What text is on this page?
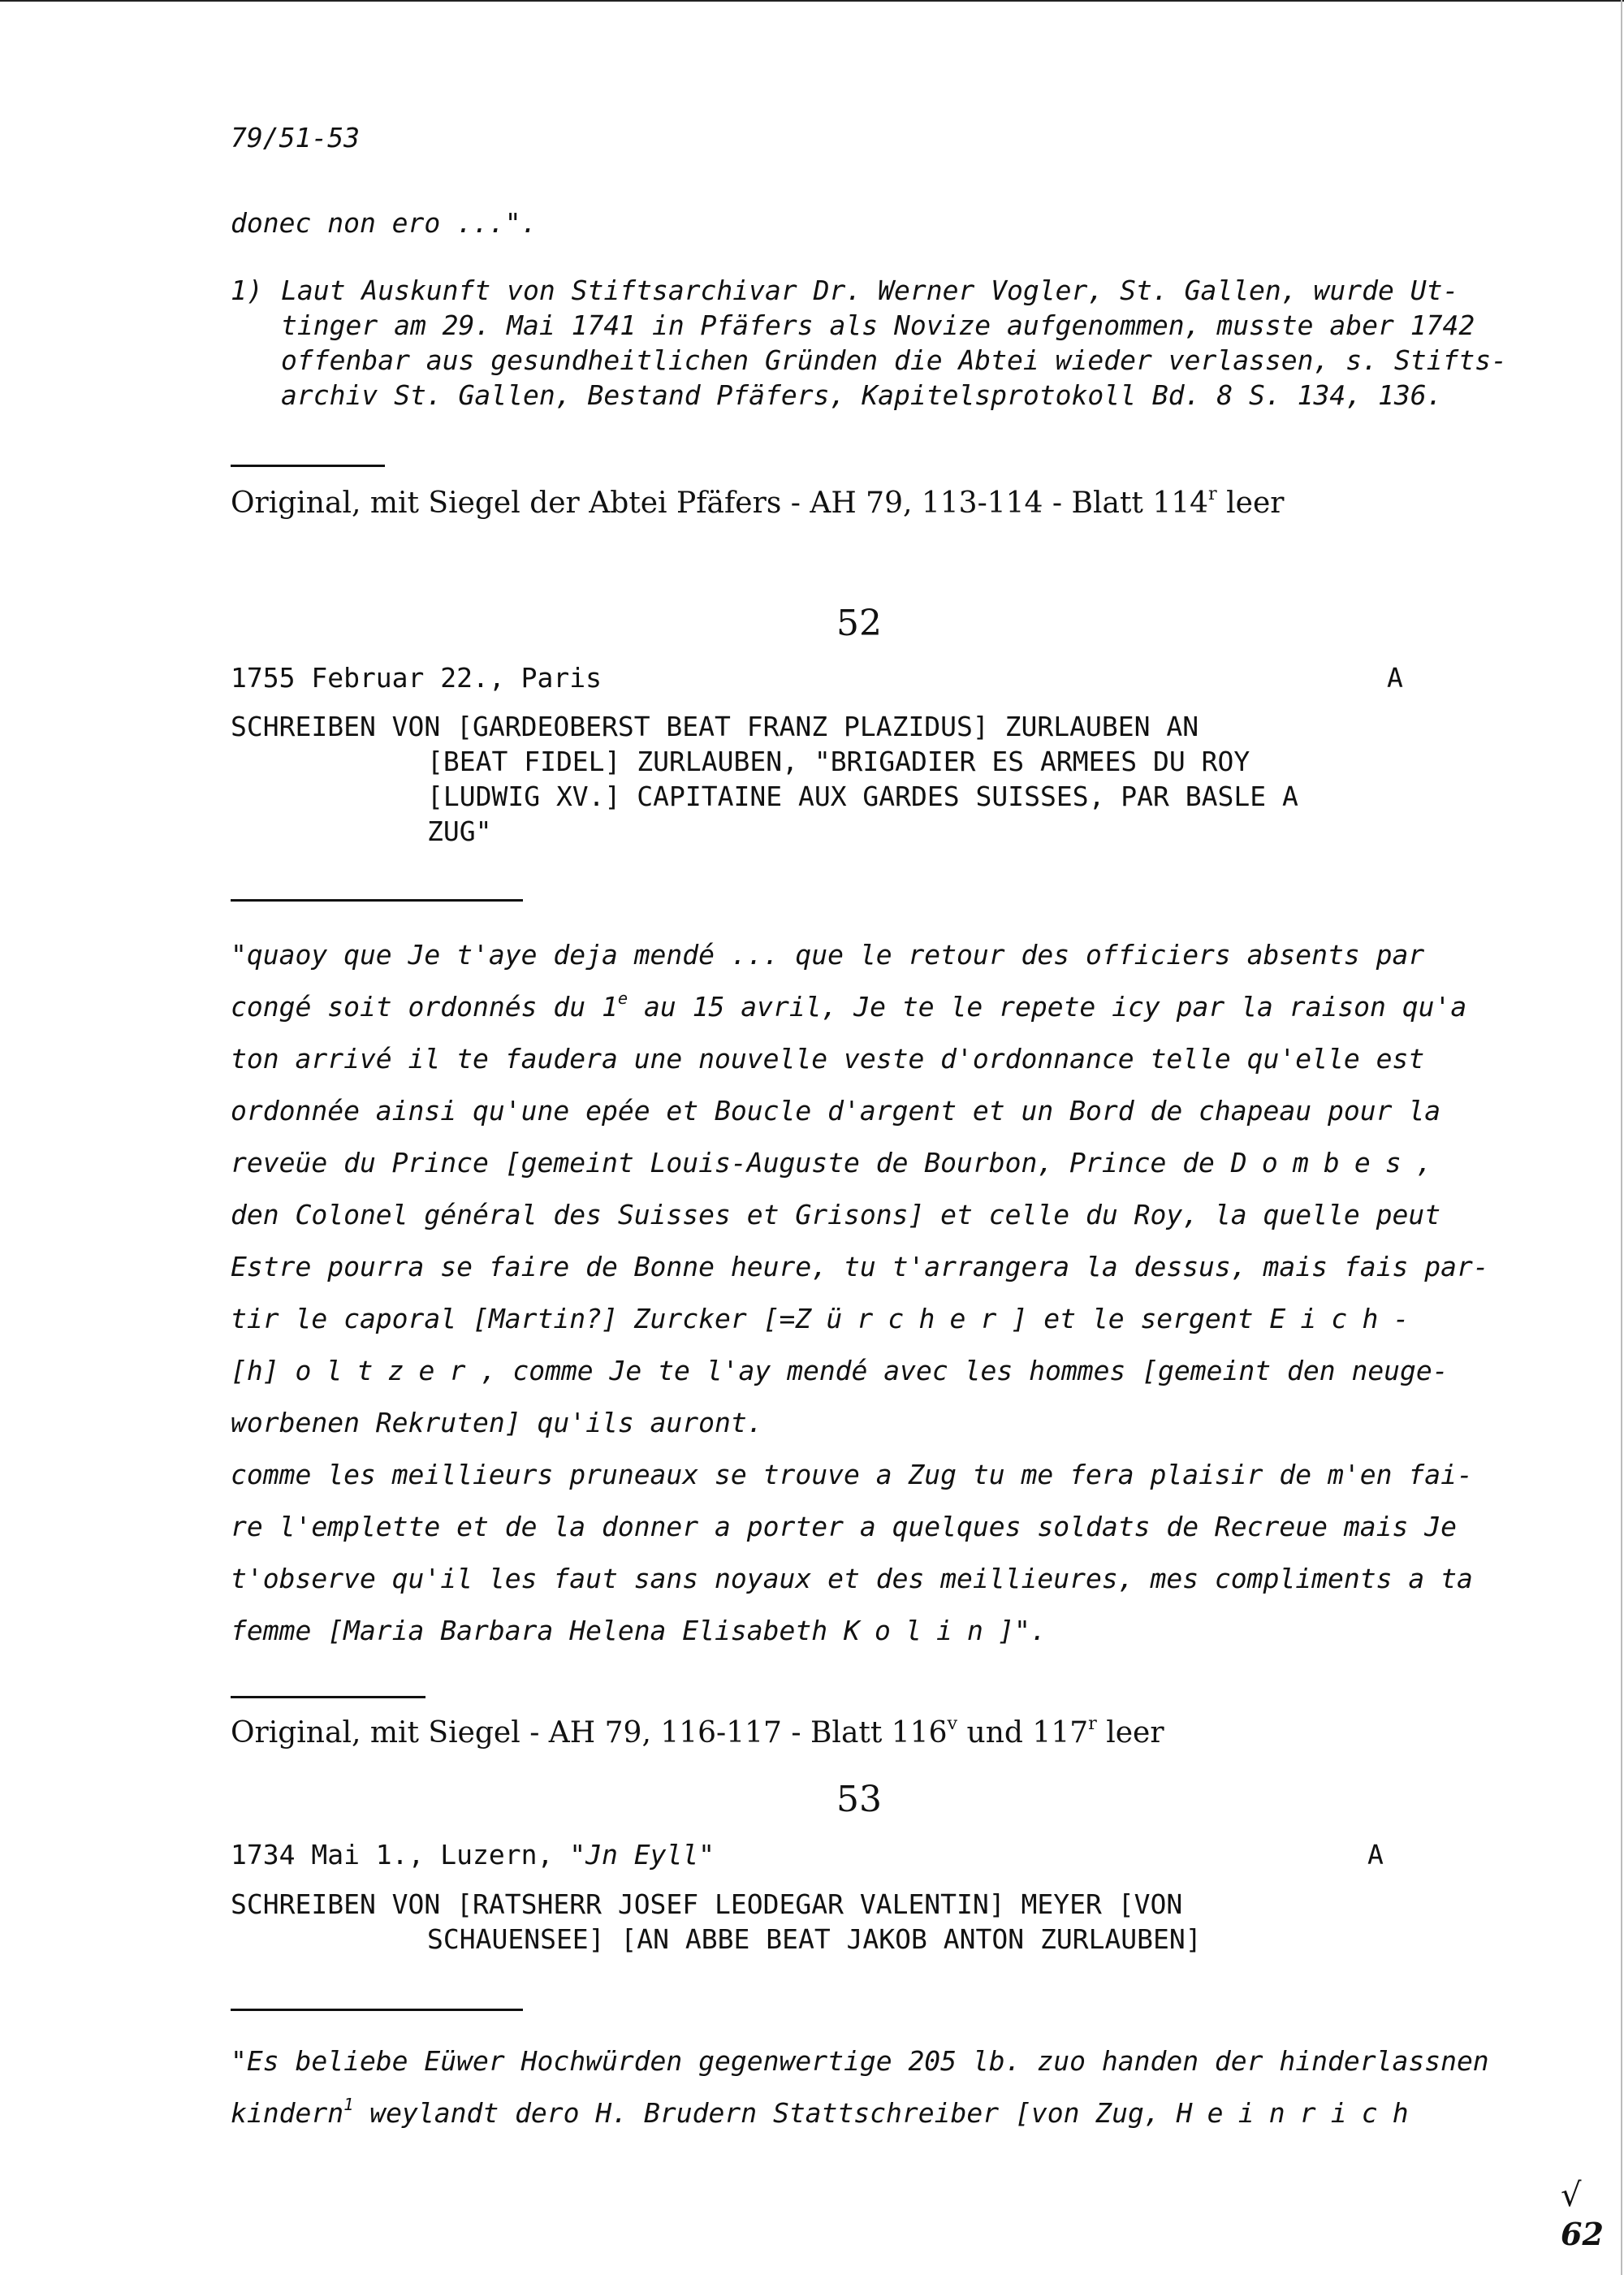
79/51-53
donec non ero ...".
1) Laut Auskunft von Stiftsarchivar Dr. Werner Vogler, St. Gallen, wurde Ut-
tinger am 29. Mai 1741 in Pfäfers als Novize aufgenommen, musste aber 1742
offenbar aus gesundheitlichen Gründen die Abtei wieder verlassen, s. Stifts-
archiv St. Gallen, Bestand Pfäfers, Kapitelsprotokoll Bd. 8 S. 134, 136.
Original, mit Siegel der Abtei Pfäfers - AH 79, 113-114 - Blatt 114$^r$ leer
52
1755 Februar 22., Paris	A
SCHREIBEN VON [GARDEOBERST BEAT FRANZ PLAZIDUS] ZURLAUBEN AN
[BEAT FIDEL] ZURLAUBEN, "BRIGADIER ES ARMEES DU ROY
[LUDWIG XV.] CAPITAINE AUX GARDES SUISSES, PAR BASLE A
ZUG"
"quaoy que Je t'aye deja mendé ... que le retour des officiers absents par
congé soit ordonnés du 1e au 15 avril, Je te le repete icy par la raison qu'a
ton arrivé il te faudera une nouvelle veste d'ordonnance telle qu'elle est
ordonnée ainsi qu'une epée et Boucle d'argent et un Bord de chapeau pour la
reveüe du Prince [gemeint Louis-Auguste de Bourbon, Prince de Dombes,
den Colonel général des Suisses et Grisons] et celle du Roy, la quelle peut
Estre pourra se faire de Bonne heure, tu t'arrangera la dessus, mais fais par-
tir le caporal [Martin?] Zurcker [=Zürcher] et le sergent Eich-
[h] oltzer, comme Je te l'ay mendé avec les hommes [gemeint den neuge-
worbenen Rekruten] qu'ils auront.
comme les meillieurs pruneaux se trouve a Zug tu me fera plaisir de m'en fai-
re l'emplette et de la donner a porter a quelques soldats de Recreue mais Je
t'observe qu'il les faut sans noyaux et des meillieures, mes compliments a ta
femme [Maria Barbara Helena Elisabeth Kolin]".
Original, mit Siegel - AH 79, 116-117 - Blatt 116$^v$ und 117$^r$ leer
53
1734 Mai 1., Luzern, "Jn Eyll"	A
SCHREIBEN VON [RATSHERR JOSEF LEODEGAR VALENTIN] MEYER [VON
SCHAUENSEE] [AN ABBE BEAT JAKOB ANTON ZURLAUBEN]
"Es beliebe Eüwer Hochwürden gegenwertige 205 lb. zuo handen der hinderlassnen
kindern$^1$ weylandt dero H. Brudern Stattschreiber [von Zug, Heinrich
√
62
